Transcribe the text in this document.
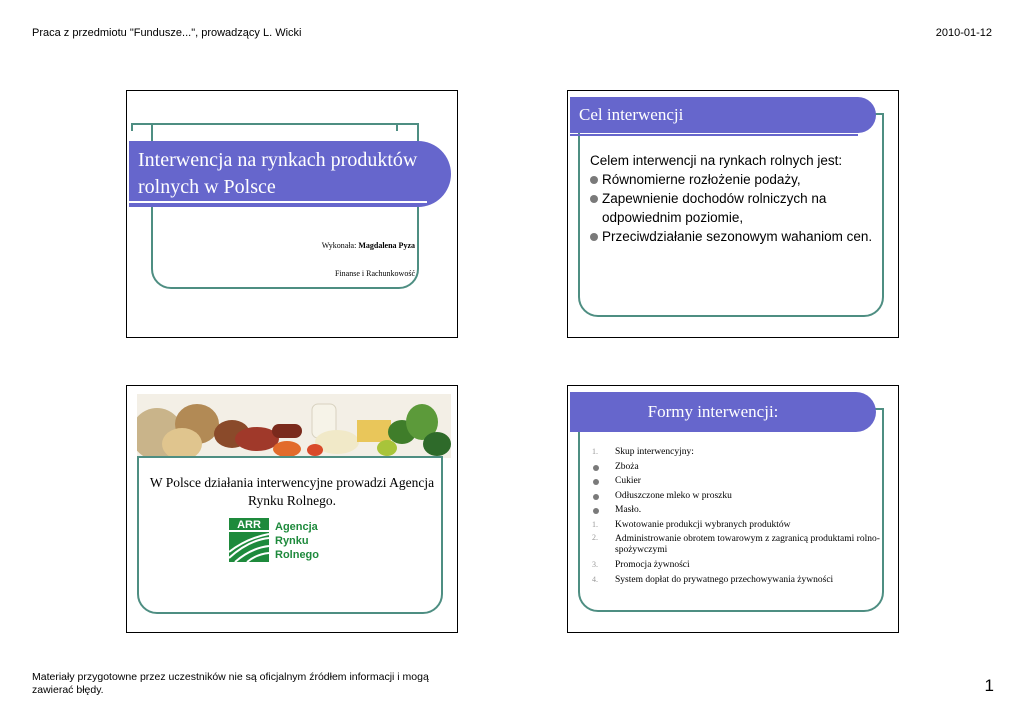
Praca z przedmiotu "Fundusze...", prowadzący L. Wicki	2010-01-12
Interwencja na rynkach produktów rolnych w Polsce
Wykonała: Magdalena Pyza
Finanse i Rachunkowość
Cel interwencji
Celem interwencji na rynkach rolnych jest:
Równomierne rozłożenie podaży,
Zapewnienie dochodów rolniczych na odpowiednim poziomie,
Przeciwdziałanie sezonowym wahaniom cen.
W Polsce działania interwencyjne prowadzi Agencja Rynku Rolnego.
ARR Agencja
Rynku
Rolnego
Formy interwencji:
1. Skup interwencyjny:
Zboża
Cukier
Odłuszczone mleko w proszku
Masło.
1. Kwotowanie produkcji wybranych produktów
2. Administrowanie obrotem towarowym z zagranicą produktami rolno-spożywczymi
3. Promocja żywności
4. System dopłat do prywatnego przechowywania żywności
Materiały przygotowne przez uczestników nie są oficjalnym źródłem informacji i mogą zawierać błędy.	1
